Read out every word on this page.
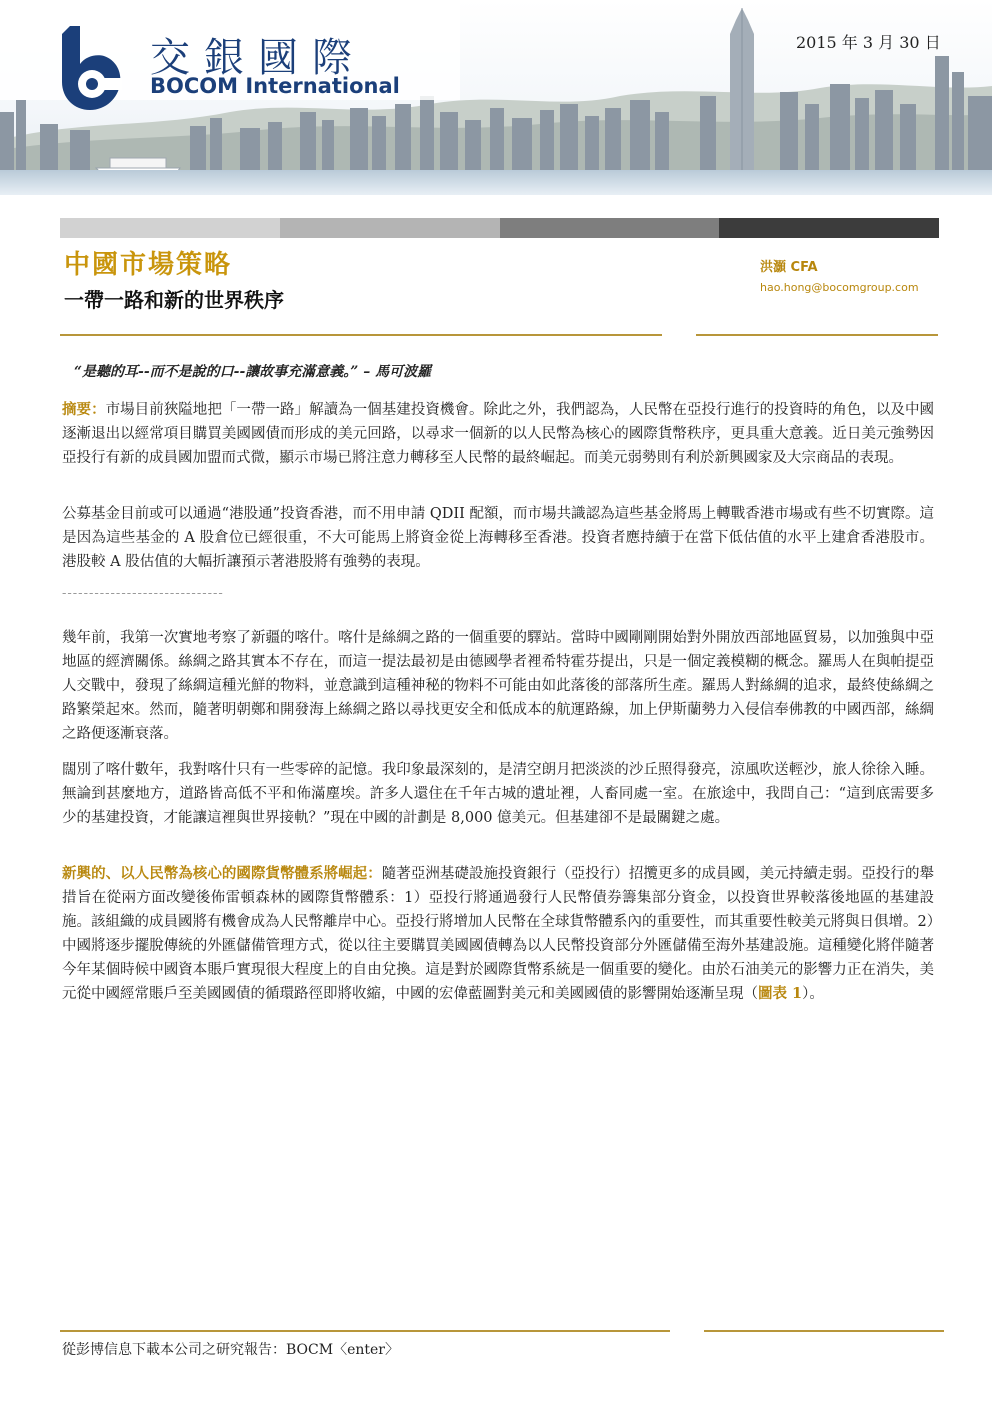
交銀國際
BOCOM International
2015 年 3 月 30 日
中國市場策略
一帶一路和新的世界秩序
洪灝 CFA
hao.hong@bocomgroup.com
“是聽的耳--而不是說的口--讓故事充滿意義。” – 馬可波羅
摘要：市場目前狹隘地把「一帶一路」解讀為一個基建投資機會。除此之外，我們認為，人民幣在亞投行進行的投資時的角色，以及中國逐漸退出以經常項目購買美國國債而形成的美元回路，以尋求一個新的以人民幣為核心的國際貨幣秩序，更具重大意義。近日美元強勢因亞投行有新的成員國加盟而式微，顯示市場已將注意力轉移至人民幣的最終崛起。而美元弱勢則有利於新興國家及大宗商品的表現。
公募基金目前或可以通過“港股通”投資香港，而不用申請 QDII 配額，而市場共識認為這些基金將馬上轉戰香港市場或有些不切實際。這是因為這些基金的 A 股倉位已經很重，不大可能馬上將資金從上海轉移至香港。投資者應持續于在當下低估值的水平上建倉香港股市。港股較 A 股估值的大幅折讓預示著港股將有強勢的表現。
------------------------------
幾年前，我第一次實地考察了新疆的喀什。喀什是絲綢之路的一個重要的驛站。當時中國剛剛開始對外開放西部地區貿易，以加強與中亞地區的經濟關係。絲綢之路其實本不存在，而這一提法最初是由德國學者裡希特霍芬提出，只是一個定義模糊的概念。羅馬人在與帕提亞人交戰中，發現了絲綢這種光鮮的物料，並意識到這種神秘的物料不可能由如此落後的部落所生產。羅馬人對絲綢的追求，最終使絲綢之路繁榮起來。然而，隨著明朝鄭和開發海上絲綢之路以尋找更安全和低成本的航運路線，加上伊斯蘭勢力入侵信奉佛教的中國西部，絲綢之路便逐漸衰落。
闊別了喀什數年，我對喀什只有一些零碎的記憶。我印象最深刻的，是清空朗月把淡淡的沙丘照得發亮，涼風吹送輕沙，旅人徐徐入睡。無論到甚麼地方，道路皆高低不平和佈滿塵埃。許多人還住在千年古城的遺址裡，人畜同處一室。在旅途中，我問自己：“這到底需要多少的基建投資，才能讓這裡與世界接軌？”現在中國的計劃是 8,000 億美元。但基建卻不是最關鍵之處。
新興的、以人民幣為核心的國際貨幣體系將崛起：隨著亞洲基礎設施投資銀行（亞投行）招攬更多的成員國，美元持續走弱。亞投行的舉措旨在從兩方面改變後佈雷頓森林的國際貨幣體系：1）亞投行將通過發行人民幣債券籌集部分資金，以投資世界較落後地區的基建設施。該組織的成員國將有機會成為人民幣離岸中心。亞投行將增加人民幣在全球貨幣體系內的重要性，而其重要性較美元將與日俱增。2）中國將逐步擺脫傳統的外匯儲備管理方式，從以往主要購買美國國債轉為以人民幣投資部分外匯儲備至海外基建設施。這種變化將伴隨著今年某個時候中國資本賬戶實現很大程度上的自由兌換。這是對於國際貨幣系統是一個重要的變化。由於石油美元的影響力正在消失，美元從中國經常賬戶至美國國債的循環路徑即將收縮，中國的宏偉藍圖對美元和美國國債的影響開始逐漸呈現（圖表 1）。
從彭博信息下載本公司之研究報告：BOCM〈enter〉
